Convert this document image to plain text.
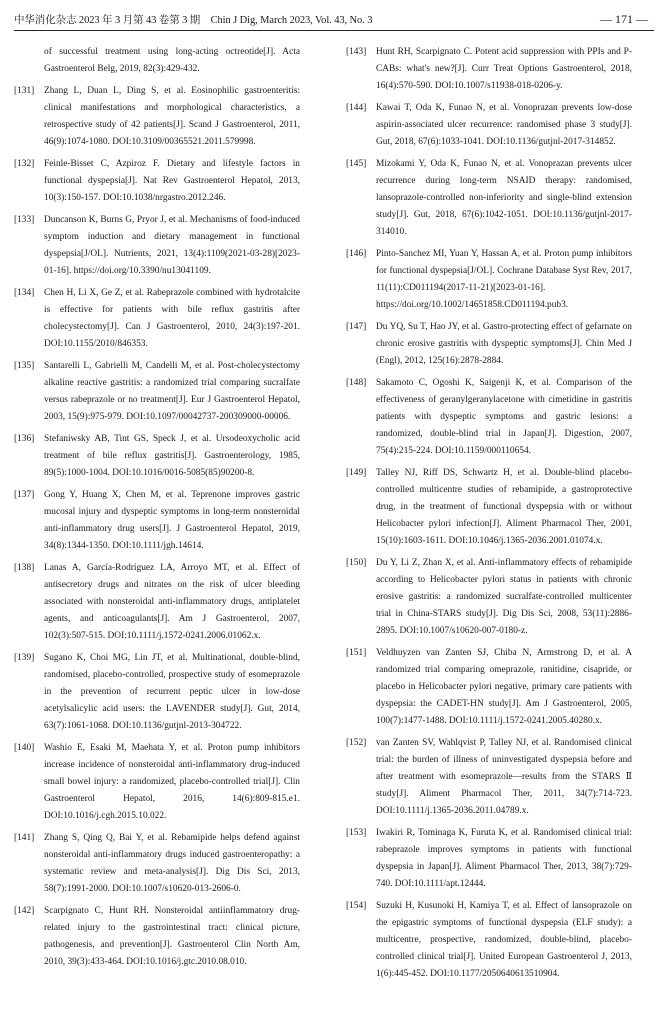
中华消化杂志 2023 年 3 月第 43 卷第 3 期　Chin J Dig, March 2023, Vol. 43, No. 3	— 171 —
of successful treatment using long-acting octreotide[J]. Acta Gastroenterol Belg, 2019, 82(3):429-432.
[131] Zhang L, Duan L, Ding S, et al. Eosinophilic gastroenteritis: clinical manifestations and morphological characteristics, a retrospective study of 42 patients[J]. Scand J Gastroenterol, 2011, 46(9):1074-1080. DOI:10.3109/00365521.2011.579998.
[132] Feinle-Bisset C, Azpiroz F. Dietary and lifestyle factors in functional dyspepsia[J]. Nat Rev Gastroenterol Hepatol, 2013, 10(3):150-157. DOI:10.1038/nrgastro.2012.246.
[133] Duncanson K, Burns G, Pryor J, et al. Mechanisms of food-induced symptom induction and dietary management in functional dyspepsia[J/OL]. Nutrients, 2021, 13(4):1109(2021-03-28)[2023-01-16]. https://doi.org/10.3390/nu13041109.
[134] Chen H, Li X, Ge Z, et al. Rabeprazole combined with hydrotalcite is effective for patients with bile reflux gastritis after cholecystectomy[J]. Can J Gastroenterol, 2010, 24(3):197-201. DOI:10.1155/2010/846353.
[135] Santarelli L, Gabrielli M, Candelli M, et al. Post-cholecystectomy alkaline reactive gastritis: a randomized trial comparing sucralfate versus rabeprazole or no treatment[J]. Eur J Gastroenterol Hepatol, 2003, 15(9):975-979. DOI:10.1097/00042737-200309000-00006.
[136] Stefaniwsky AB, Tint GS, Speck J, et al. Ursodeoxycholic acid treatment of bile reflux gastritis[J]. Gastroenterology, 1985, 89(5):1000-1004. DOI:10.1016/0016-5085(85)90200-8.
[137] Gong Y, Huang X, Chen M, et al. Teprenone improves gastric mucosal injury and dyspeptic symptoms in long-term nonsteroidal anti-inflammatory drug users[J]. J Gastroenterol Hepatol, 2019, 34(8):1344-1350. DOI:10.1111/jgh.14614.
[138] Lanas A, García-Rodríguez LA, Arroyo MT, et al. Effect of antisecretory drugs and nitrates on the risk of ulcer bleeding associated with nonsteroidal anti-inflammatory drugs, antiplatelet agents, and anticoagulants[J]. Am J Gastroenterol, 2007, 102(3):507-515. DOI:10.1111/j.1572-0241.2006.01062.x.
[139] Sugano K, Choi MG, Lin JT, et al. Multinational, double-blind, randomised, placebo-controlled, prospective study of esomeprazole in the prevention of recurrent peptic ulcer in low-dose acetylsalicylic acid users: the LAVENDER study[J]. Gut, 2014, 63(7):1061-1068. DOI:10.1136/gutjnl-2013-304722.
[140] Washio E, Esaki M, Maehata Y, et al. Proton pump inhibitors increase incidence of nonsteroidal anti-inflammatory drug-induced small bowel injury: a randomized, placebo-controlled trial[J]. Clin Gastroenterol Hepatol, 2016, 14(6):809-815.e1. DOI:10.1016/j.cgh.2015.10.022.
[141] Zhang S, Qing Q, Bai Y, et al. Rebamipide helps defend against nonsteroidal anti-inflammatory drugs induced gastroenteropathy: a systematic review and meta-analysis[J]. Dig Dis Sci, 2013, 58(7):1991-2000. DOI:10.1007/s10620-013-2606-0.
[142] Scarpignato C, Hunt RH. Nonsteroidal antiinflammatory drug-related injury to the gastrointestinal tract: clinical picture, pathogenesis, and prevention[J]. Gastroenterol Clin North Am, 2010, 39(3):433-464. DOI:10.1016/j.gtc.2010.08.010.
[143] Hunt RH, Scarpignato C. Potent acid suppression with PPIs and P-CABs: what's new?[J]. Curr Treat Options Gastroenterol, 2018, 16(4):570-590. DOI:10.1007/s11938-018-0206-y.
[144] Kawai T, Oda K, Funao N, et al. Vonoprazan prevents low-dose aspirin-associated ulcer recurrence: randomised phase 3 study[J]. Gut, 2018, 67(6):1033-1041. DOI:10.1136/gutjnl-2017-314852.
[145] Mizokami Y, Oda K, Funao N, et al. Vonoprazan prevents ulcer recurrence during long-term NSAID therapy: randomised, lansoprazole-controlled non-inferiority and single-blind extension study[J]. Gut, 2018, 67(6):1042-1051. DOI:10.1136/gutjnl-2017-314010.
[146] Pinto-Sanchez MI, Yuan Y, Hassan A, et al. Proton pump inhibitors for functional dyspepsia[J/OL]. Cochrane Database Syst Rev, 2017, 11(11):CD011194(2017-11-21)[2023-01-16]. https://doi.org/10.1002/14651858.CD011194.pub3.
[147] Du YQ, Su T, Hao JY, et al. Gastro-protecting effect of gefarnate on chronic erosive gastritis with dyspeptic symptoms[J]. Chin Med J (Engl), 2012, 125(16):2878-2884.
[148] Sakamoto C, Ogoshi K, Saigenji K, et al. Comparison of the effectiveness of geranylgeranylacetone with cimetidine in gastritis patients with dyspeptic symptoms and gastric lesions: a randomized, double-blind trial in Japan[J]. Digestion, 2007, 75(4):215-224. DOI:10.1159/000110654.
[149] Talley NJ, Riff DS, Schwartz H, et al. Double-blind placebo-controlled multicentre studies of rebamipide, a gastroprotective drug, in the treatment of functional dyspepsia with or without Helicobacter pylori infection[J]. Aliment Pharmacol Ther, 2001, 15(10):1603-1611. DOI:10.1046/j.1365-2036.2001.01074.x.
[150] Du Y, Li Z, Zhan X, et al. Anti-inflammatory effects of rebamipide according to Helicobacter pylori status in patients with chronic erosive gastritis: a randomized sucralfate-controlled multicenter trial in China-STARS study[J]. Dig Dis Sci, 2008, 53(11):2886-2895. DOI:10.1007/s10620-007-0180-z.
[151] Veldhuyzen van Zanten SJ, Chiba N, Armstrong D, et al. A randomized trial comparing omeprazole, ranitidine, cisapride, or placebo in Helicobacter pylori negative, primary care patients with dyspepsia: the CADET-HN study[J]. Am J Gastroenterol, 2005, 100(7):1477-1488. DOI:10.1111/j.1572-0241.2005.40280.x.
[152] van Zanten SV, Wahlqvist P, Talley NJ, et al. Randomised clinical trial: the burden of illness of uninvestigated dyspepsia before and after treatment with esomeprazole—results from the STARS Ⅱ study[J]. Aliment Pharmacol Ther, 2011, 34(7):714-723. DOI:10.1111/j.1365-2036.2011.04789.x.
[153] Iwakiri R, Tominaga K, Furuta K, et al. Randomised clinical trial: rabeprazole improves symptoms in patients with functional dyspepsia in Japan[J]. Aliment Pharmacol Ther, 2013, 38(7):729-740. DOI:10.1111/apt.12444.
[154] Suzuki H, Kusunoki H, Kamiya T, et al. Effect of lansoprazole on the epigastric symptoms of functional dyspepsia (ELF study): a multicentre, prospective, randomized, double-blind, placebo-controlled clinical trial[J]. United European Gastroenterol J, 2013, 1(6):445-452. DOI:10.1177/2050640613510904.
